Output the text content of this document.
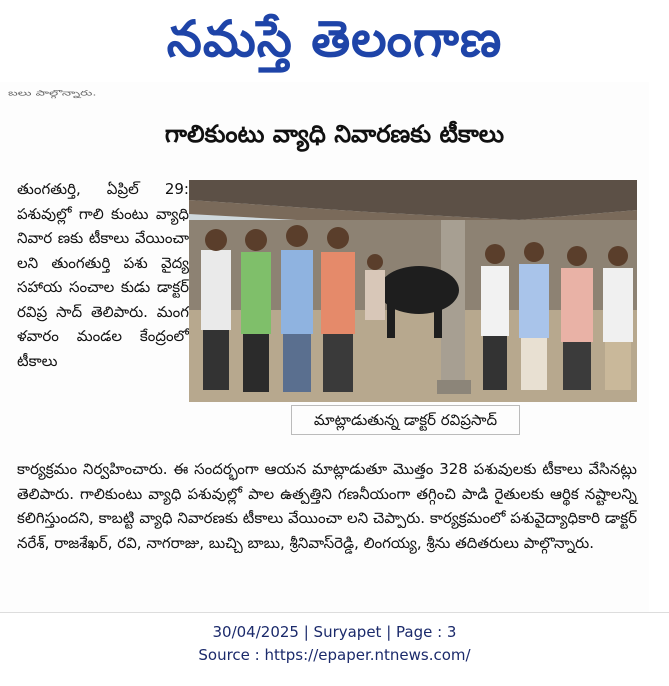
నమస్తే తెలంగాణ
బలు పాల్గొన్నారు.
గాలికుంటు వ్యాధి నివారణకు టీకాలు

తుంగతుర్తి, ఏప్రిల్ 29: పశువుల్లో గాలి కుంటు వ్యాధి నివార ణకు టీకాలు వేయించా లని తుంగతుర్తి పశు వైద్య సహాయ సంచాల కుడు డాక్టర్ రవిప్ర సాద్ తెలిపారు. మంగ ళవారం మండల కేంద్రంలో టీకాలు

మాట్లాడుతున్న డాక్టర్ రవిప్రసాద్
కార్యక్రమం నిర్వహించారు. ఈ సందర్భంగా ఆయన మాట్లాడుతూ మొత్తం 328 పశువులకు టీకాలు వేసినట్లు తెలిపారు. గాలికుంటు వ్యాధి పశువుల్లో పాల ఉత్పత్తిని గణనీయంగా తగ్గించి పాడి రైతులకు ఆర్థిక నష్టాలన్ని కలిగిస్తుందని, కాబట్టి వ్యాధి నివారణకు టీకాలు వేయించా లని చెప్పారు. కార్యక్రమంలో పశువైద్యాధికారి డాక్టర్ నరేశ్, రాజశేఖర్, రవి, నాగరాజు, బుచ్చి బాబు, శ్రీనివాస్‌రెడ్డి, లింగయ్య, శ్రీను తదితరులు పాల్గొన్నారు.

30/04/2025 | Suryapet | Page : 3
Source : https://epaper.ntnews.com/
